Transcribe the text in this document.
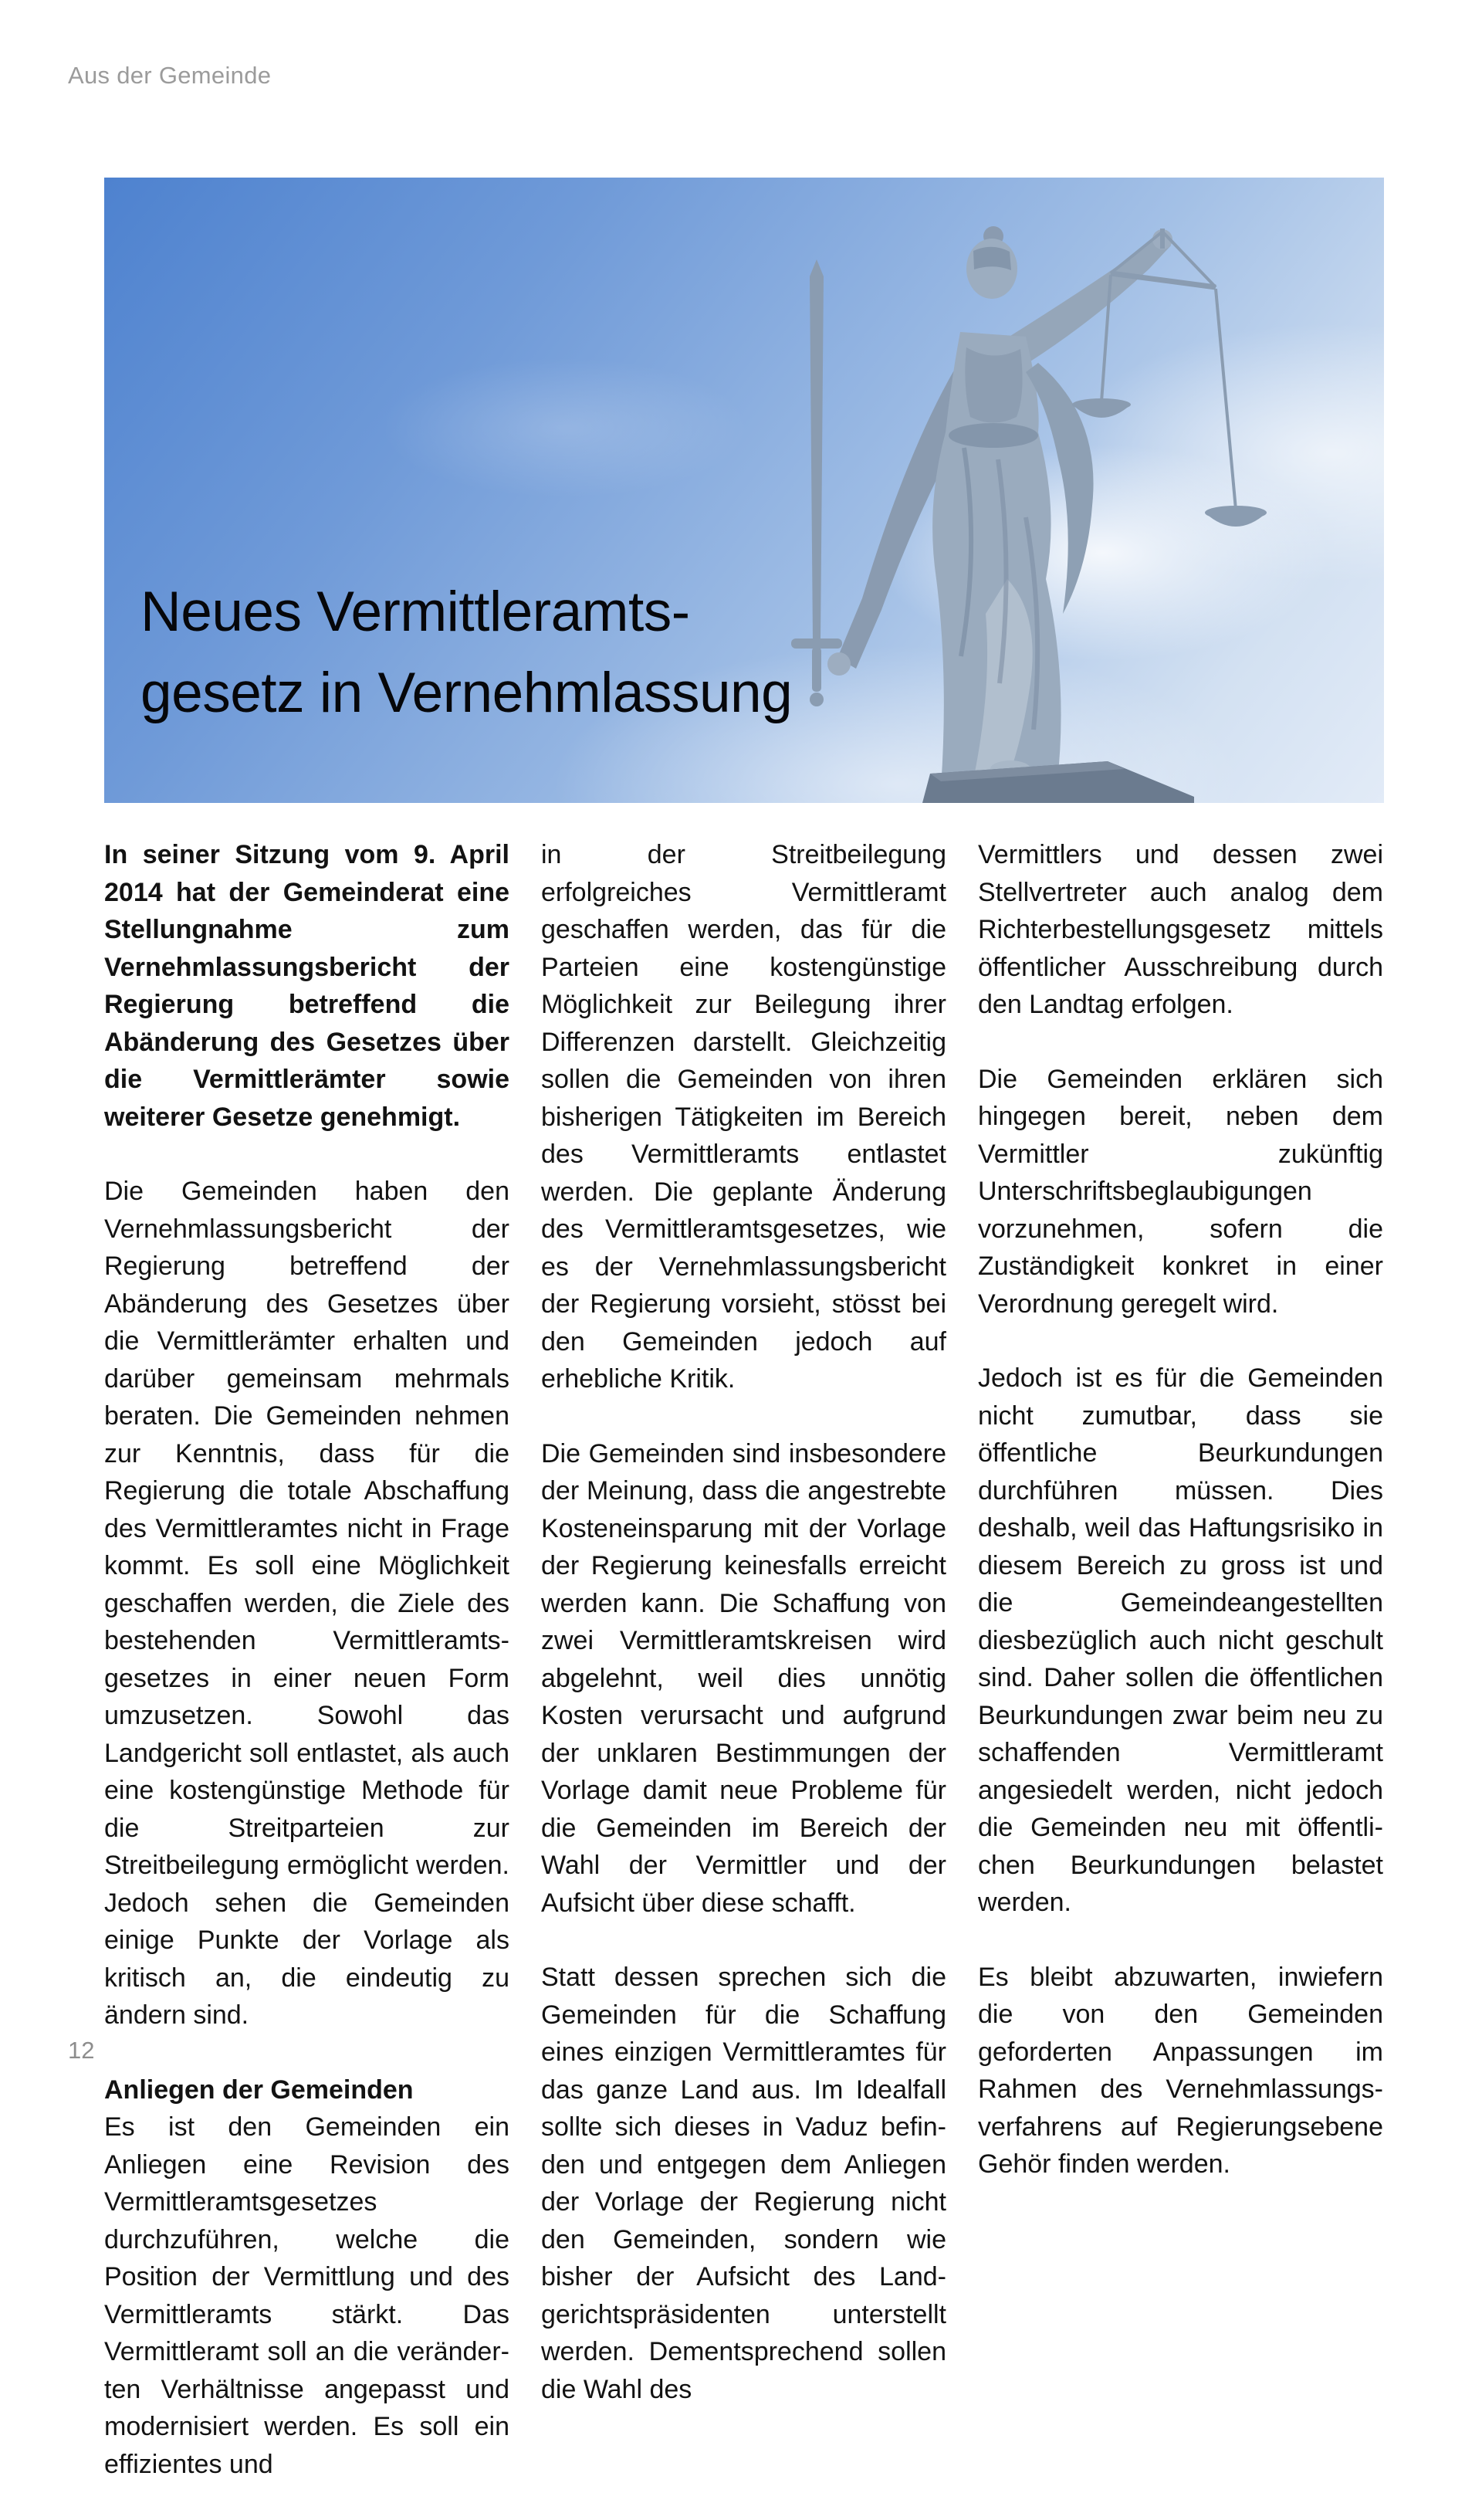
Aus der Gemeinde
Neues Vermittleramts-
gesetz in Vernehmlassung

In seiner Sitzung vom 9. April 2014 hat der Gemeinderat eine Stellungnahme zum Vernehmlassungsbericht der Regierung betreffend die Abänderung des Gesetzes über die Vermittlerämter sowie weiterer Gesetze genehmigt.

Die Gemeinden haben den Vernehmlassungsbericht der Regierung betreffend der Abänderung des Gesetzes über die Vermittlerämter erhalten und darüber gemeinsam mehrmals beraten. Die Gemeinden nehmen zur Kenntnis, dass für die Regierung die totale Abschaffung des Vermittleramtes nicht in Frage kommt. Es soll eine Möglichkeit geschaffen werden, die Ziele des bestehenden Vermittleramtsgesetzes in einer neuen Form umzusetzen. Sowohl das Landgericht soll entlastet, als auch eine kostengünstige Methode für die Streitparteien zur Streitbeilegung ermöglicht werden. Jedoch sehen die Gemeinden einige Punkte der Vorlage als kritisch an, die eindeutig zu ändern sind.

Anliegen der Gemeinden

Es ist den Gemeinden ein Anliegen eine Revision des Vermittleramtsgesetzes durchzuführen, welche die Position der Vermittlung und des Vermittleramts stärkt. Das Vermittleramt soll an die veränderten Verhältnisse angepasst und modernisiert werden. Es soll ein effizientes und

in der Streitbeilegung erfolgreiches Vermittleramt geschaffen werden, das für die Parteien eine kostengünstige Möglichkeit zur Beilegung ihrer Differenzen darstellt. Gleichzeitig sollen die Gemeinden von ihren bisherigen Tätigkeiten im Bereich des Vermittleramts entlastet werden. Die geplante Änderung des Vermittleramtsgesetzes, wie es der Vernehmlassungsbericht der Regierung vorsieht, stösst bei den Gemeinden jedoch auf erhebliche Kritik.

Die Gemeinden sind insbesondere der Meinung, dass die angestrebte Kosteneinsparung mit der Vorlage der Regierung keinesfalls erreicht werden kann. Die Schaffung von zwei Vermittleramtskreisen wird abgelehnt, weil dies unnötig Kosten verursacht und aufgrund der unklaren Bestimmungen der Vorlage damit neue Probleme für die Gemeinden im Bereich der Wahl der Vermittler und der Aufsicht über diese schafft.

Statt dessen sprechen sich die Gemeinden für die Schaffung eines einzigen Vermittleramtes für das ganze Land aus. Im Idealfall sollte sich dieses in Vaduz befinden und entgegen dem Anliegen der Vorlage der Regierung nicht den Gemeinden, sondern wie bisher der Aufsicht des Landgerichtspräsidenten unterstellt werden. Dementsprechend sollen die Wahl des

Vermittlers und dessen zwei Stellvertreter auch analog dem Richterbestellungsgesetz mittels öffentlicher Ausschreibung durch den Landtag erfolgen.

Die Gemeinden erklären sich hingegen bereit, neben dem Vermittler zukünftig Unterschriftsbeglaubigungen vorzunehmen, sofern die Zuständigkeit konkret in einer Verordnung geregelt wird.

Jedoch ist es für die Gemeinden nicht zumutbar, dass sie öffentliche Beurkundungen durchführen müssen. Dies deshalb, weil das Haftungsrisiko in diesem Bereich zu gross ist und die Gemeindeangestellten diesbezüglich auch nicht geschult sind. Daher sollen die öffentlichen Beurkundungen zwar beim neu zu schaffenden Vermittleramt angesiedelt werden, nicht jedoch die Gemeinden neu mit öffentlichen Beurkundungen belastet werden.

Es bleibt abzuwarten, inwiefern die von den Gemeinden geforderten Anpassungen im Rahmen des Vernehmlassungsverfahrens auf Regierungsebene Gehör finden werden.

12
